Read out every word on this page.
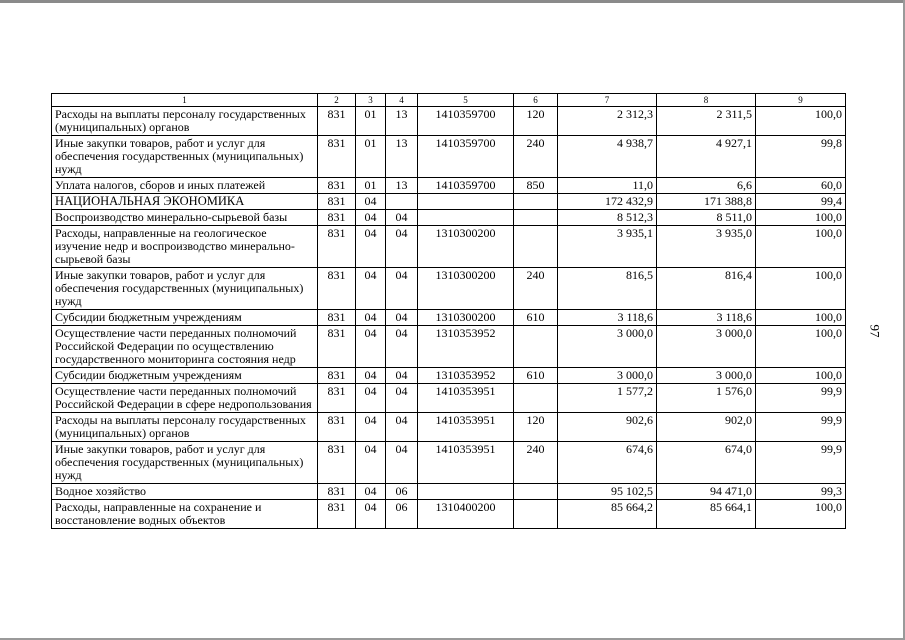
1	2	3	4	5	6	7	8	9
Расходы на выплаты персоналу государственных (муниципальных) органов	831	01	13	1410359700	120	2 312,3	2 311,5	100,0
Иные закупки товаров, работ и услуг для обеспечения государственных (муниципальных) нужд	831	01	13	1410359700	240	4 938,7	4 927,1	99,8
Уплата налогов, сборов и иных платежей	831	01	13	1410359700	850	11,0	6,6	60,0
НАЦИОНАЛЬНАЯ ЭКОНОМИКА	831	04				172 432,9	171 388,8	99,4
Воспроизводство минерально-сырьевой базы	831	04	04			8 512,3	8 511,0	100,0
Расходы, направленные на геологическое изучение недр и воспроизводство минерально-сырьевой базы	831	04	04	1310300200		3 935,1	3 935,0	100,0
Иные закупки товаров, работ и услуг для обеспечения государственных (муниципальных) нужд	831	04	04	1310300200	240	816,5	816,4	100,0
Субсидии бюджетным учреждениям	831	04	04	1310300200	610	3 118,6	3 118,6	100,0
Осуществление части переданных полномочий Российской Федерации по осуществлению государственного мониторинга состояния недр	831	04	04	1310353952		3 000,0	3 000,0	100,0
Субсидии бюджетным учреждениям	831	04	04	1310353952	610	3 000,0	3 000,0	100,0
Осуществление части переданных полномочий Российской Федерации в сфере недропользования	831	04	04	1410353951		1 577,2	1 576,0	99,9
Расходы на выплаты персоналу государственных (муниципальных) органов	831	04	04	1410353951	120	902,6	902,0	99,9
Иные закупки товаров, работ и услуг для обеспечения государственных (муниципальных) нужд	831	04	04	1410353951	240	674,6	674,0	99,9
Водное хозяйство	831	04	06			95 102,5	94 471,0	99,3
Расходы, направленные на сохранение и восстановление водных объектов	831	04	06	1310400200		85 664,2	85 664,1	100,0
97
